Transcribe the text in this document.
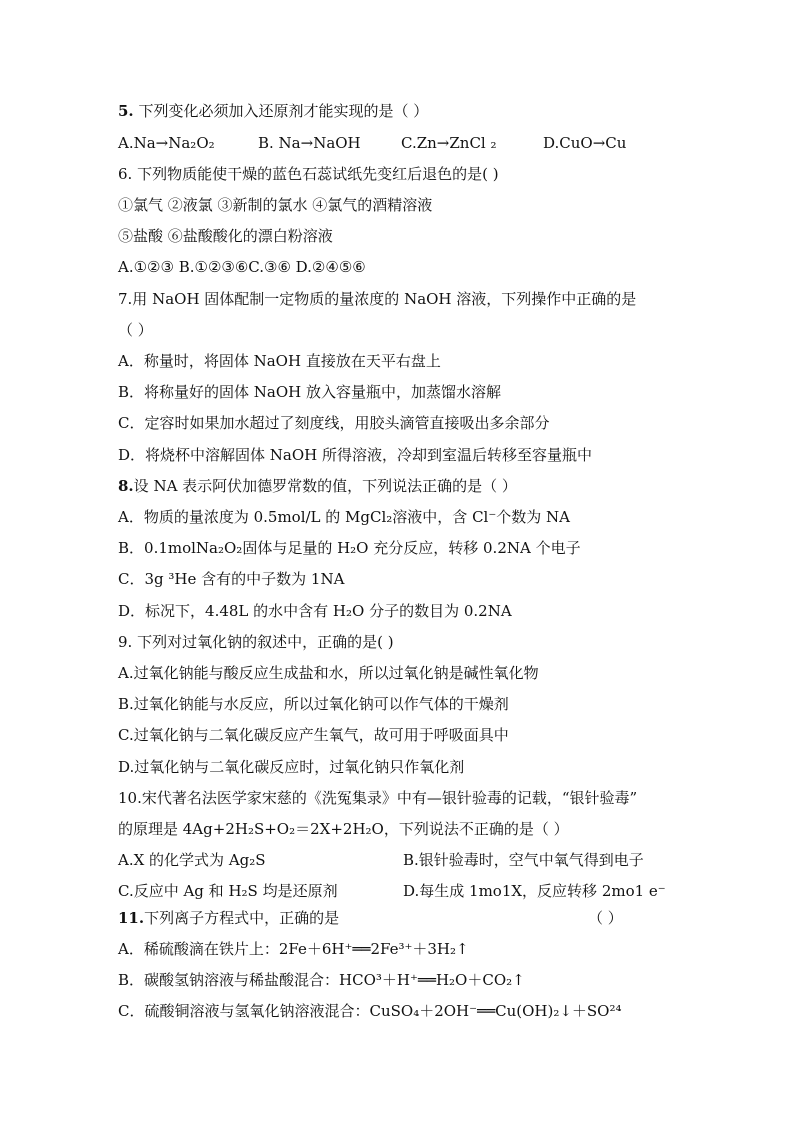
5. 下列变化必须加入还原剂才能实现的是（ ）
A.Na→Na₂O₂	B. Na→NaOH	C.Zn→ZnCl ₂	D.CuO→Cu
6. 下列物质能使干燥的蓝色石蕊试纸先变红后退色的是( )
①氯气 ②液氯 ③新制的氯水 ④氯气的酒精溶液
⑤盐酸 ⑥盐酸酸化的漂白粉溶液
A.①②③ B.①②③⑥C.③⑥ D.②④⑤⑥
7.用 NaOH 固体配制一定物质的量浓度的 NaOH 溶液，下列操作中正确的是
（ ）
A．称量时，将固体 NaOH 直接放在天平右盘上
B．将称量好的固体 NaOH 放入容量瓶中，加蒸馏水溶解
C．定容时如果加水超过了刻度线，用胶头滴管直接吸出多余部分
D．将烧杯中溶解固体 NaOH 所得溶液，冷却到室温后转移至容量瓶中
8.设 NA 表示阿伏加德罗常数的值，下列说法正确的是（ ）
A．物质的量浓度为 0.5mol/L 的 MgCl₂溶液中，含 Cl⁻个数为 NA
B．0.1molNa₂O₂固体与足量的 H₂O 充分反应，转移 0.2NA 个电子
C．3g ³He 含有的中子数为 1NA
D．标况下，4.48L 的水中含有 H₂O 分子的数目为 0.2NA
9. 下列对过氧化钠的叙述中，正确的是( )
A.过氧化钠能与酸反应生成盐和水，所以过氧化钠是碱性氧化物
B.过氧化钠能与水反应，所以过氧化钠可以作气体的干燥剂
C.过氧化钠与二氧化碳反应产生氧气，故可用于呼吸面具中
D.过氧化钠与二氧化碳反应时，过氧化钠只作氧化剂
10.宋代著名法医学家宋慈的《洗冤集录》中有—银针验毒的记载，“银针验毒”
的原理是 4Ag+2H₂S+O₂＝2X+2H₂O，下列说法不正确的是（ ）
A.X 的化学式为 Ag₂S	B.银针验毒时，空气中氧气得到电子
C.反应中 Ag 和 H₂S 均是还原剂	D.每生成 1mo1X，反应转移 2mo1 e⁻
11.下列离子方程式中，正确的是	（ ）
A．稀硫酸滴在铁片上：2Fe＋6H⁺══2Fe³⁺＋3H₂↑
B．碳酸氢钠溶液与稀盐酸混合：HCO³＋H⁺══H₂O＋CO₂↑
C．硫酸铜溶液与氢氧化钠溶液混合：CuSO₄＋2OH⁻══Cu(OH)₂↓＋SO²⁴
